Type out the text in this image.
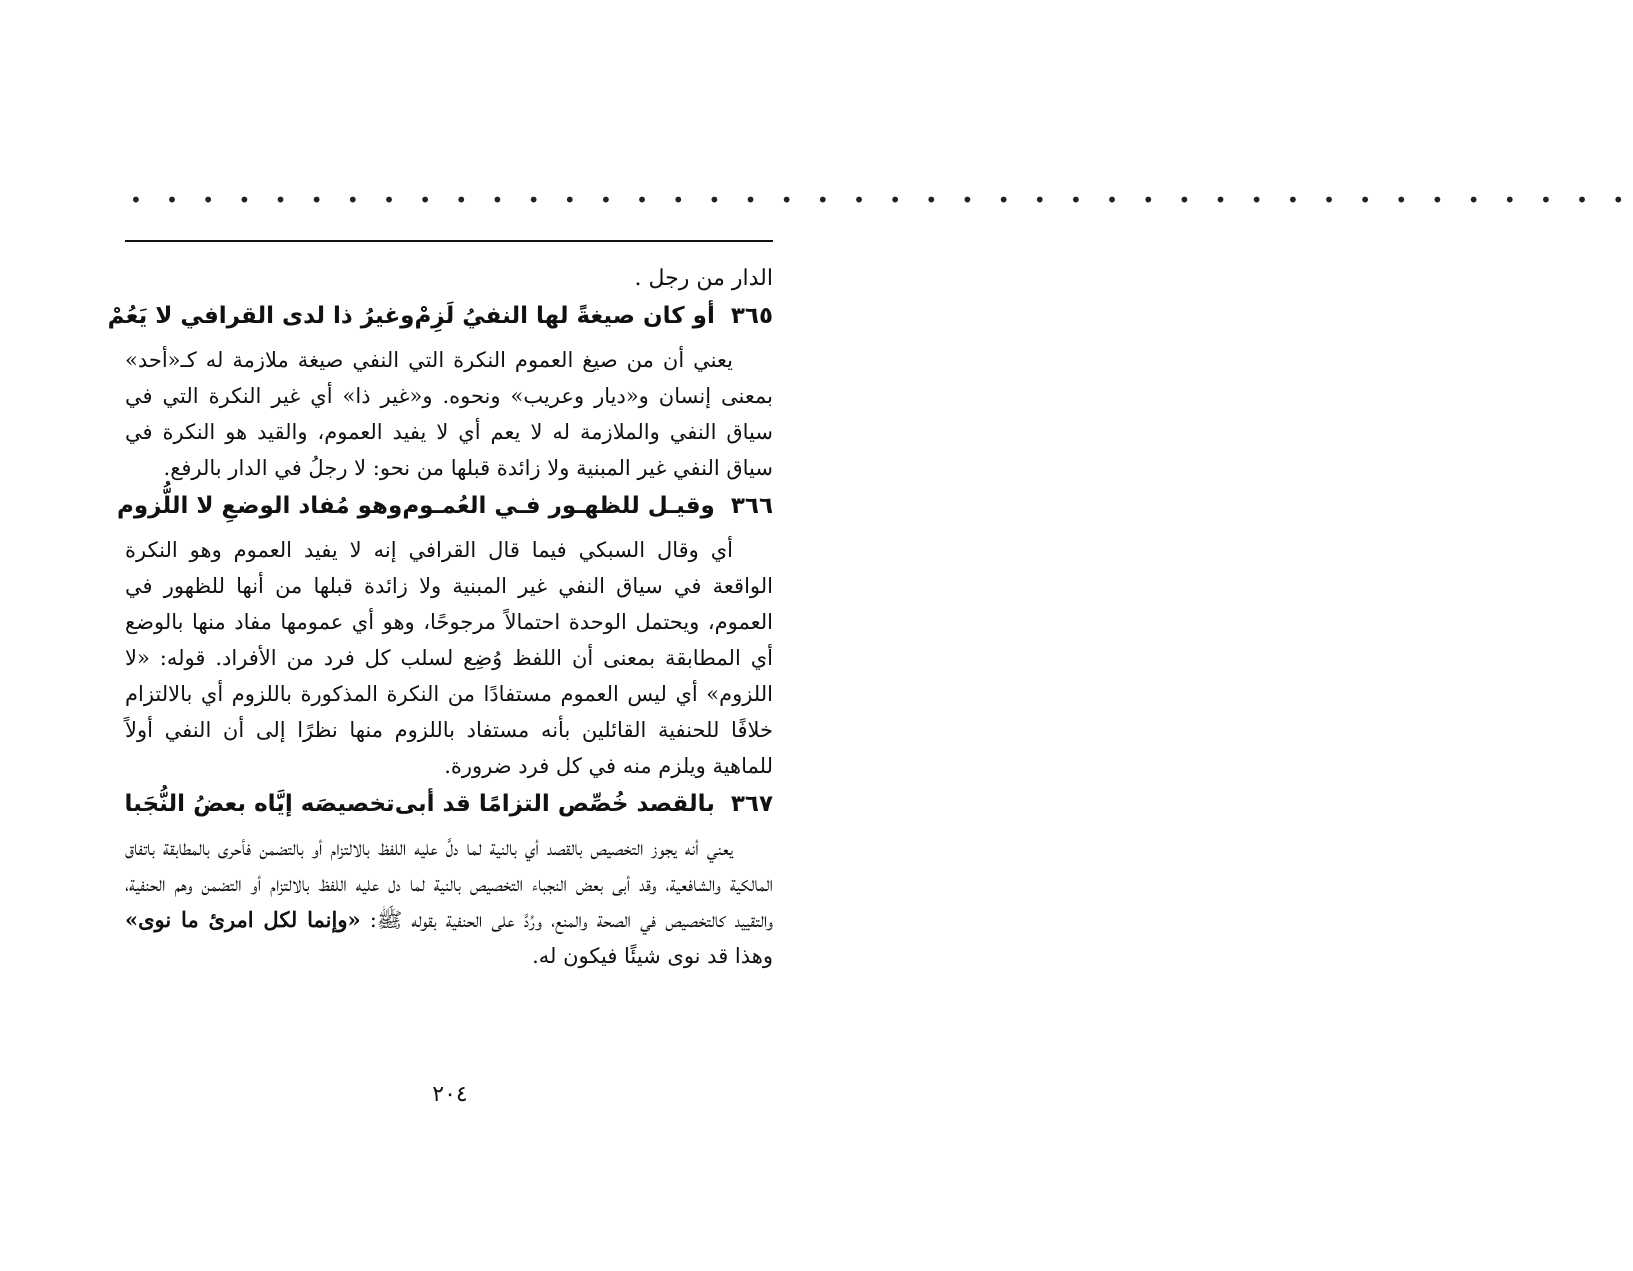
• • • • • • • • • • • • • • • • • • • • • • • • • • • • • • • • • • • • • • • • • •

الدار من رجل .

٣٦٥ أو كان صيغةً لها النفيُ لَزِمْ
وغيرُ ذا لدى القرافي لا يَعُمْ

يعني أن من صيغ العموم النكرة التي النفي صيغة ملازمة له كـ«أحد» بمعنى إنسان و«ديار وعريب» ونحوه. و«غير ذا» أي غير النكرة التي في سياق النفي والملازمة له لا يعم أي لا يفيد العموم، والقيد هو النكرة في سياق النفي غير المبنية ولا زائدة قبلها من نحو: لا رجلُ في الدار بالرفع.

٣٦٦ وقيـل للظهـور فـي العُمـوم
وهو مُفاد الوضعِ لا اللُّزوم

أي وقال السبكي فيما قال القرافي إنه لا يفيد العموم وهو النكرة الواقعة في سياق النفي غير المبنية ولا زائدة قبلها من أنها للظهور في العموم، ويحتمل الوحدة احتمالاً مرجوحًا، وهو أي عمومها مفاد منها بالوضع أي المطابقة بمعنى أن اللفظ وُضِع لسلب كل فرد من الأفراد. قوله: «لا اللزوم» أي ليس العموم مستفادًا من النكرة المذكورة باللزوم أي بالالتزام خلافًا للحنفية القائلين بأنه مستفاد باللزوم منها نظرًا إلى أن النفي أولاً للماهية ويلزم منه في كل فرد ضرورة.

٣٦٧ بالقصد خُصِّص التزامًا قد أبى
تخصيصَه إيَّاه بعضُ النُّجَبا

يعني أنه يجوز التخصيص بالقصد أي بالنية لما دلَّ عليه اللفظ بالالتزام أو بالتضمن فأحرى بالمطابقة باتفاق المالكية والشافعية، وقد أبى بعض النجباء التخصيص بالنية لما دل عليه اللفظ بالالتزام أو التضمن وهم الحنفية، والتقييد كالتخصيص في الصحة والمنع، ورُدَّ على الحنفية بقوله ﷺ: «وإنما لكل امرئ ما نوى» وهذا قد نوى شيئًا فيكون له.

٢٠٤
